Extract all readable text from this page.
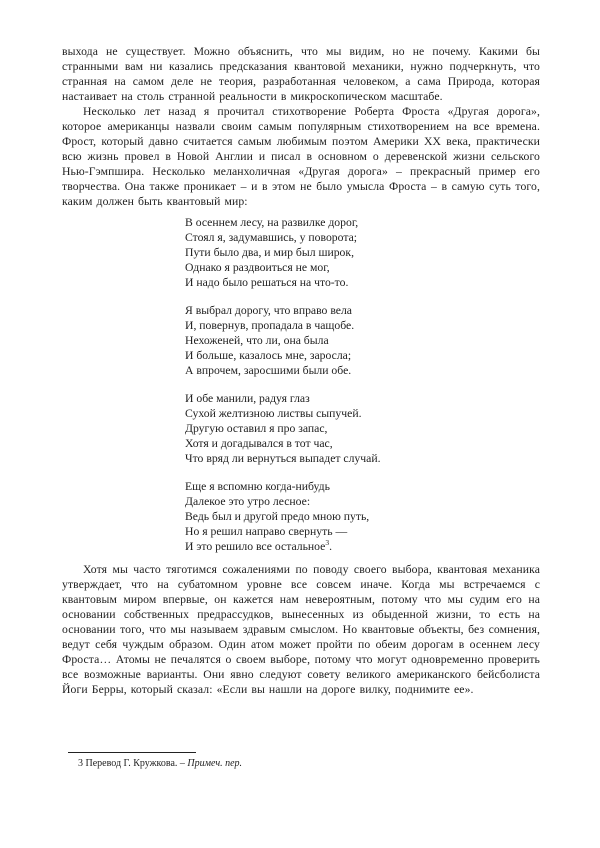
выхода не существует. Можно объяснить, что мы видим, но не почему. Какими бы странными вам ни казались предсказания квантовой механики, нужно подчеркнуть, что странная на самом деле не теория, разработанная человеком, а сама Природа, которая настаивает на столь странной реальности в микроскопическом масштабе.

Несколько лет назад я прочитал стихотворение Роберта Фроста «Другая дорога», которое американцы назвали своим самым популярным стихотворением на все времена. Фрост, который давно считается самым любимым поэтом Америки XX века, практически всю жизнь провел в Новой Англии и писал в основном о деревенской жизни сельского Нью-Гэмпшира. Несколько меланхоличная «Другая дорога» – прекрасный пример его творчества. Она также проникает – и в этом не было умысла Фроста – в самую суть того, каким должен быть квантовый мир:

В осеннем лесу, на развилке дорог,
Стоял я, задумавшись, у поворота;
Пути было два, и мир был широк,
Однако я раздвоиться не мог,
И надо было решаться на что-то.
Я выбрал дорогу, что вправо вела
И, повернув, пропадала в чащобе.
Нехоженей, что ли, она была
И больше, казалось мне, заросла;
А впрочем, заросшими были обе.
И обе манили, радуя глаз
Сухой желтизною листвы сыпучей.
Другую оставил я про запас,
Хотя и догадывался в тот час,
Что вряд ли вернуться выпадет случай.
Еще я вспомню когда-нибудь
Далекое это утро лесное:
Ведь был и другой предо мною путь,
Но я решил направо свернуть —
И это решило все остальное$^3$.

Хотя мы часто тяготимся сожалениями по поводу своего выбора, квантовая механика утверждает, что на субатомном уровне все совсем иначе. Когда мы встречаемся с квантовым миром впервые, он кажется нам невероятным, потому что мы судим его на основании собственных предрассудков, вынесенных из обыденной жизни, то есть на основании того, что мы называем здравым смыслом. Но квантовые объекты, без сомнения, ведут себя чуждым образом. Один атом может пройти по обеим дорогам в осеннем лесу Фроста… Атомы не печалятся о своем выборе, потому что могут одновременно проверить все возможные варианты. Они явно следуют совету великого американского бейсболиста Йоги Берры, который сказал: «Если вы нашли на дороге вилку, поднимите ее».

3 Перевод Г. Кружкова. – Примеч. пер.
